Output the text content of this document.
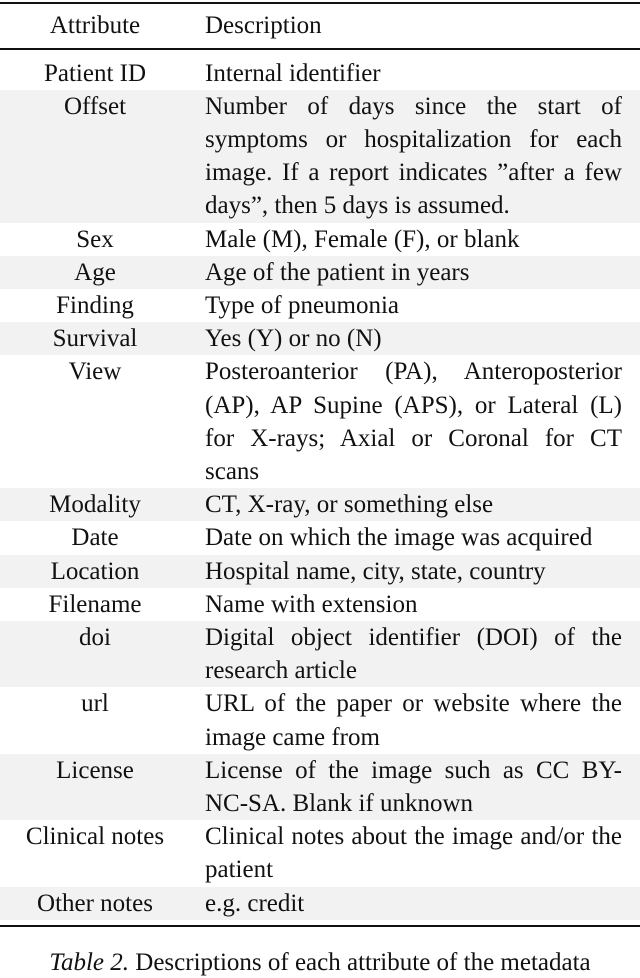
Attribute	Description
Patient ID	Internal identifier
Offset	Number of days since the start of symptoms or hospitalization for each image. If a report indicates ”after a few days”, then 5 days is assumed.
Sex	Male (M), Female (F), or blank
Age	Age of the patient in years
Finding	Type of pneumonia
Survival	Yes (Y) or no (N)
View	Posteroanterior (PA), Anteroposterior (AP), AP Supine (APS), or Lateral (L) for X-rays; Axial or Coronal for CT scans
Modality	CT, X-ray, or something else
Date	Date on which the image was acquired
Location	Hospital name, city, state, country
Filename	Name with extension
doi	Digital object identifier (DOI) of the research article
url	URL of the paper or website where the image came from
License	License of the image such as CC BY-NC-SA. Blank if unknown
Clinical notes	Clinical notes about the image and/or the patient
Other notes	e.g. credit
Table 2. Descriptions of each attribute of the metadata
